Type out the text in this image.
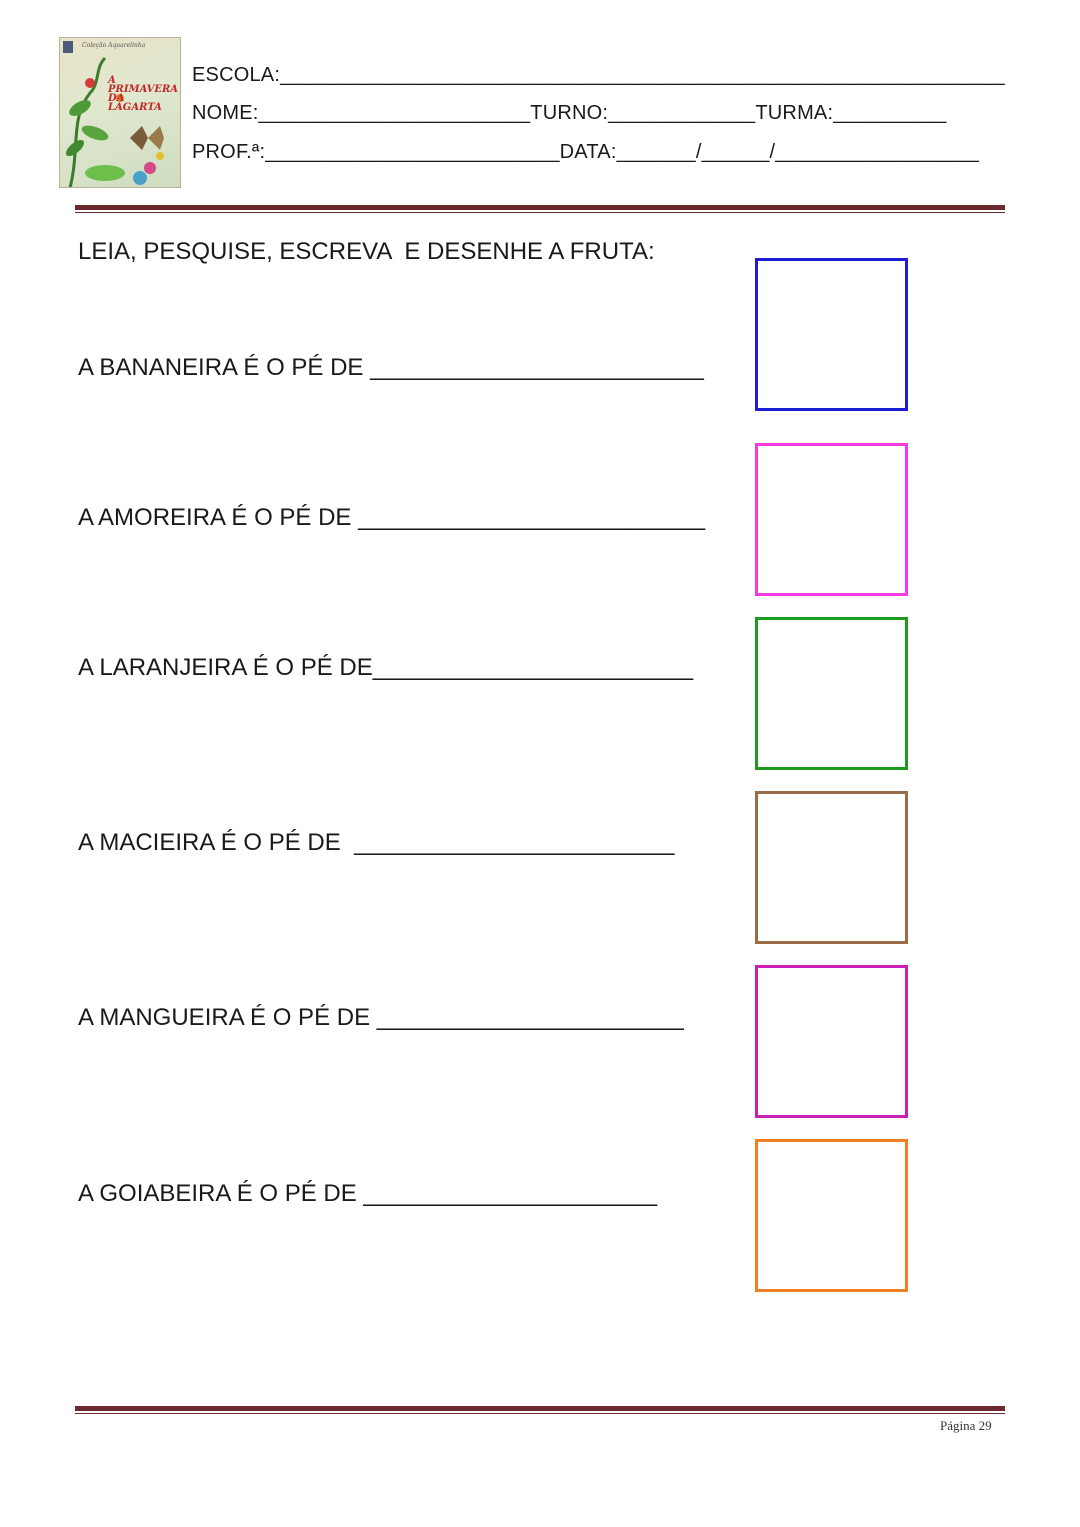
Coleção Aquarelinha
A PRIMAVERA DA LAGARTA
ESCOLA:________________________________________________________________
NOME:________________________TURNO:_____________TURMA:__________
PROF.ª:__________________________DATA:_______/______/__________________
LEIA, PESQUISE, ESCREVA  E DESENHE A FRUTA:
A BANANEIRA É O PÉ DE _________________________
A AMOREIRA É O PÉ DE __________________________
A LARANJEIRA É O PÉ DE________________________
A MACIEIRA É O PÉ DE  ________________________
A MANGUEIRA É O PÉ DE _______________________
A GOIABEIRA É O PÉ DE ______________________
Página 29
